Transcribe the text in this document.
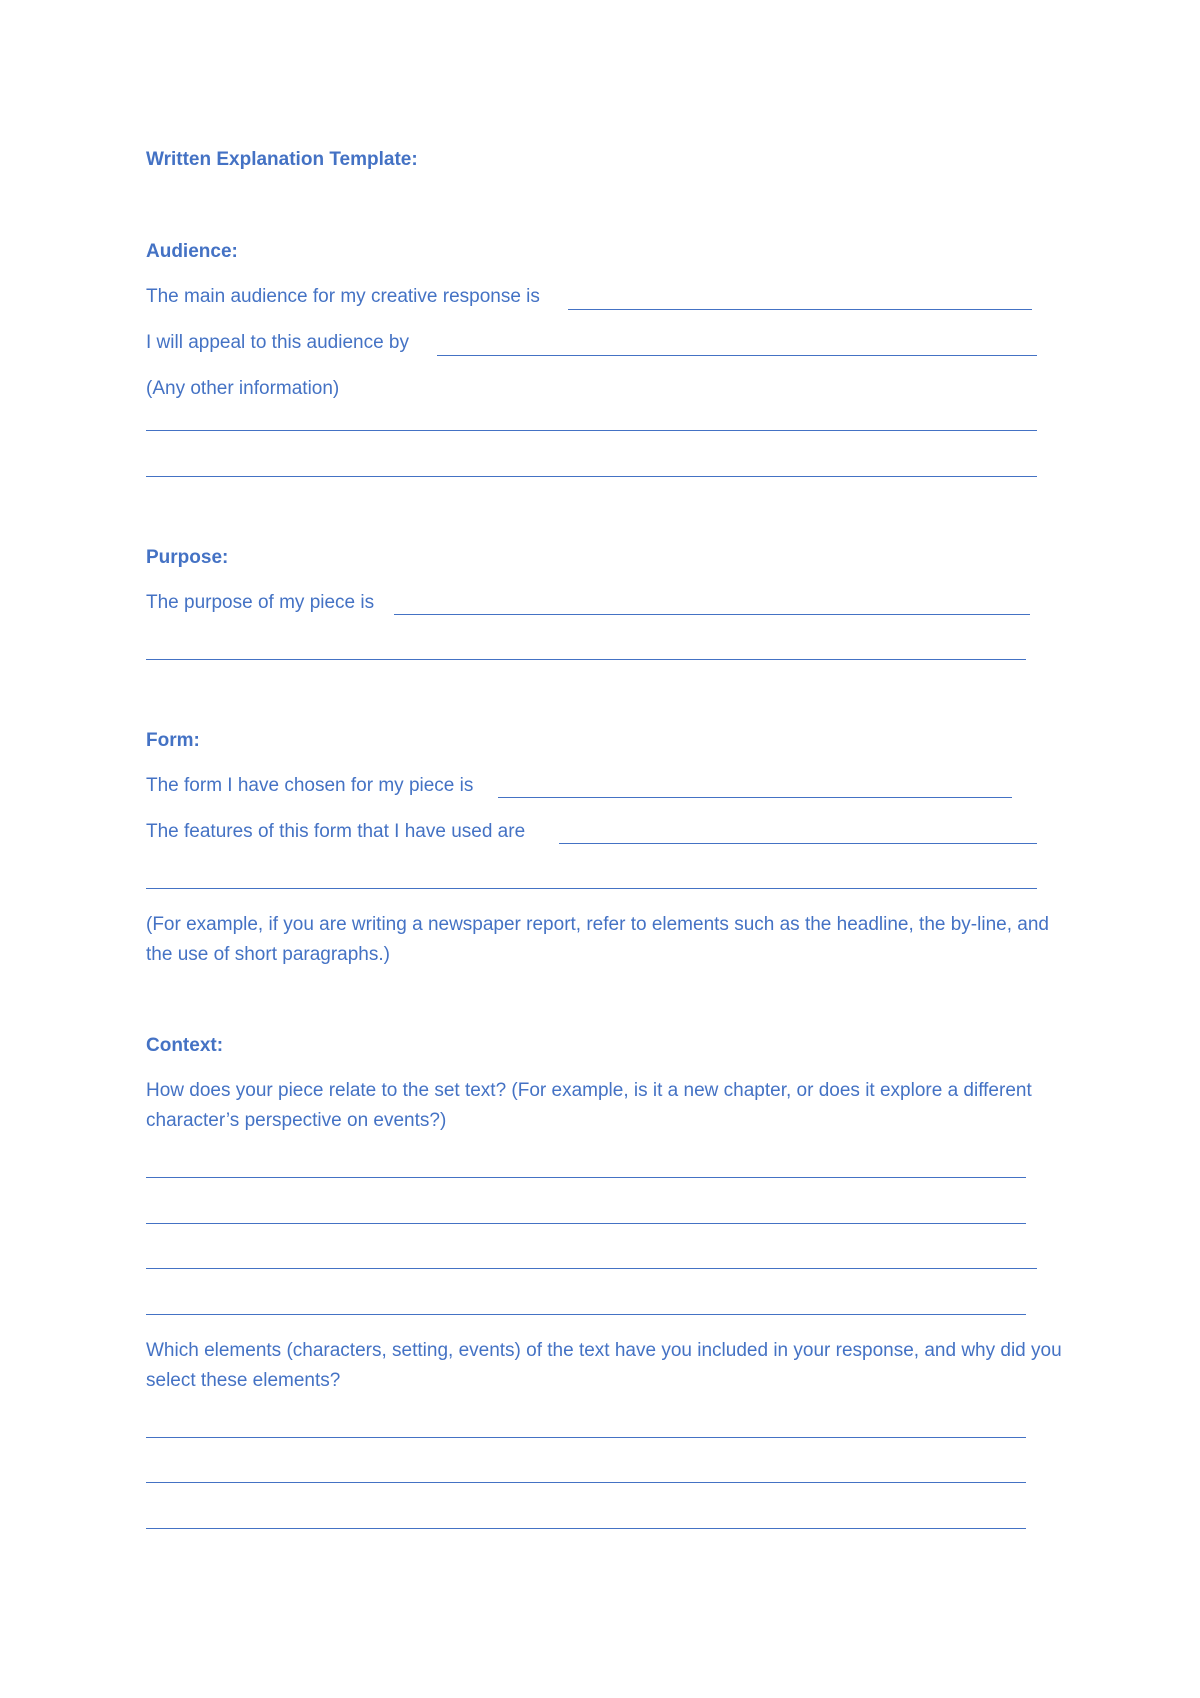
Written Explanation Template:
Audience:
The main audience for my creative response is
I will appeal to this audience by
(Any other information)
Purpose:
The purpose of my piece is
Form:
The form I have chosen for my piece is
The features of this form that I have used are
(For example, if you are writing a newspaper report, refer to elements such as the headline, the by-line, and the use of short paragraphs.)
Context:
How does your piece relate to the set text? (For example, is it a new chapter, or does it explore a different character’s perspective on events?)
Which elements (characters, setting, events) of the text have you included in your response, and why did you select these elements?
